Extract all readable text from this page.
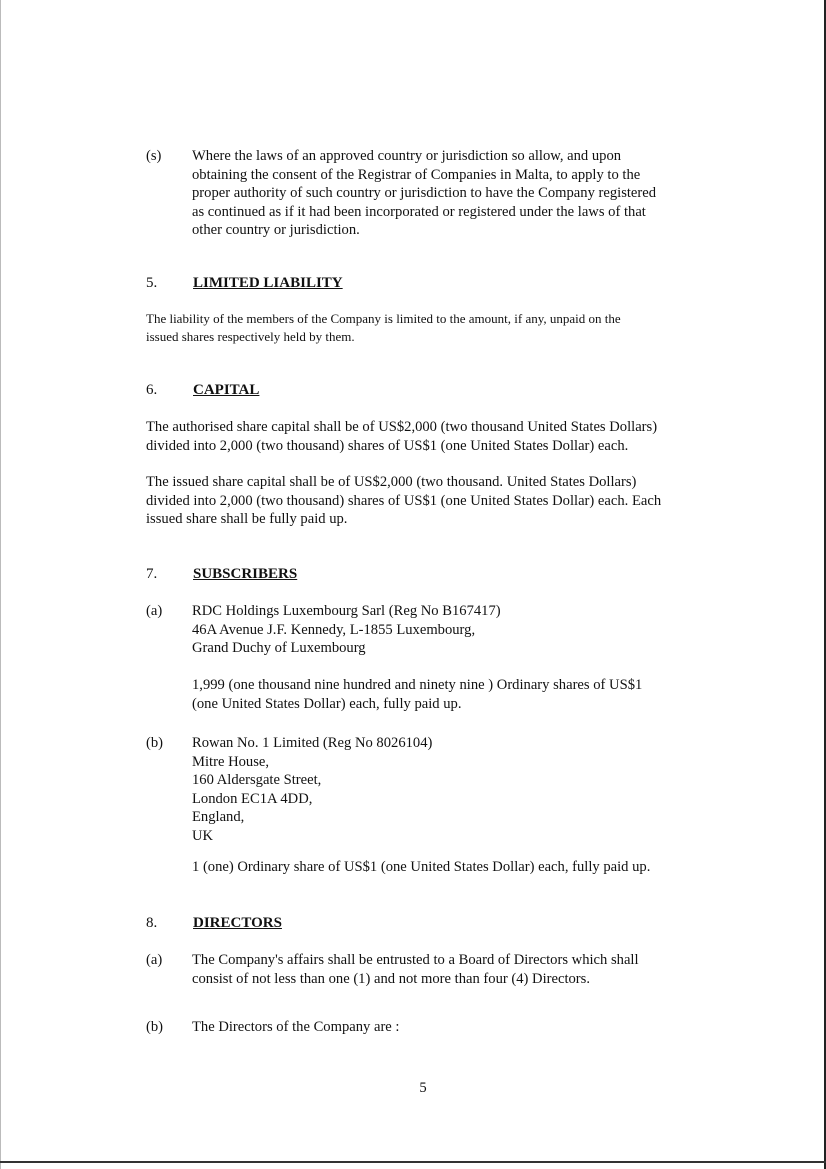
(s) Where the laws of an approved country or jurisdiction so allow, and upon
obtaining the consent of the Registrar of Companies in Malta, to apply to the
proper authority of such country or jurisdiction to have the Company registered
as continued as if it had been incorporated or registered under the laws of that
other country or jurisdiction.
5. LIMITED LIABILITY
The liability of the members of the Company is limited to the amount, if any, unpaid on the
issued shares respectively held by them.
6. CAPITAL
The authorised share capital shall be of US$2,000 (two thousand United States Dollars)
divided into 2,000 (two thousand) shares of US$1 (one United States Dollar) each.
The issued share capital shall be of US$2,000 (two thousand. United States Dollars)
divided into 2,000 (two thousand) shares of US$1 (one United States Dollar) each. Each
issued share shall be fully paid up.
7. SUBSCRIBERS
(a) RDC Holdings Luxembourg Sarl (Reg No B167417)
46A Avenue J.F. Kennedy, L-1855 Luxembourg,
Grand Duchy of Luxembourg
1,999 (one thousand nine hundred and ninety nine ) Ordinary shares of US$1
(one United States Dollar) each, fully paid up.
(b) Rowan No. 1 Limited (Reg No 8026104)
Mitre House,
160 Aldersgate Street,
London EC1A 4DD,
England,
UK
1 (one) Ordinary share of US$1 (one United States Dollar) each, fully paid up.
8. DIRECTORS
(a) The Company's affairs shall be entrusted to a Board of Directors which shall
consist of not less than one (1) and not more than four (4) Directors.
(b) The Directors of the Company are :
5
